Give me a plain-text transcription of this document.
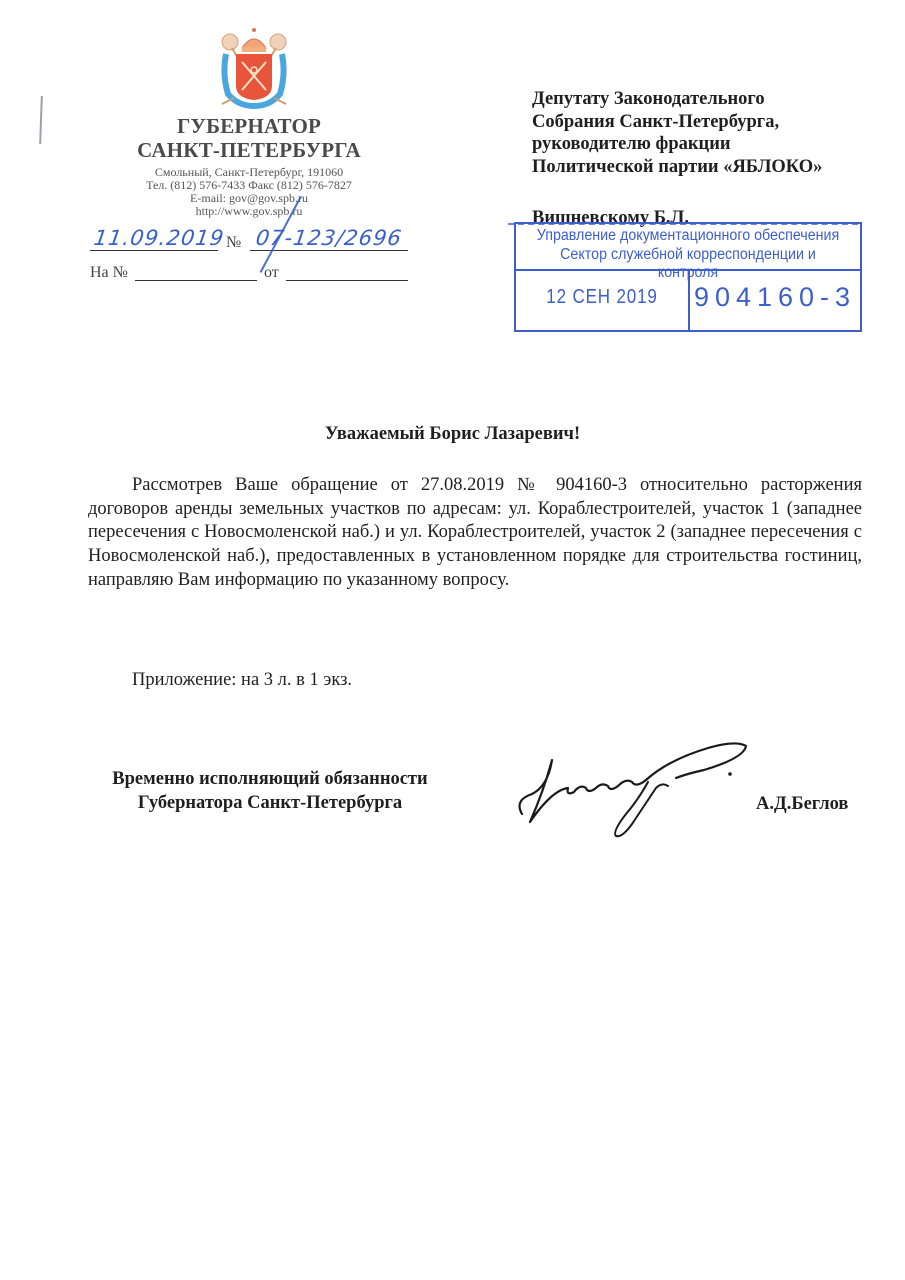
ГУБЕРНАТОР
САНКТ-ПЕТЕРБУРГА
Смольный, Санкт-Петербург, 191060
Тел. (812) 576-7433 Факс (812) 576-7827
E-mail: gov@gov.spb.ru
http://www.gov.spb.ru
11.09.2019 № 07-123/2696
На №	от
Депутату Законодательного
Собрания Санкт-Петербурга,
руководителю фракции
Политической партии «ЯБЛОКО»
Вишневскому Б.Л.
Управление документационного обеспечения
Сектор служебной корреспонденции и контроля
12 СЕН 2019	904160-3
Уважаемый Борис Лазаревич!
Рассмотрев Ваше обращение от 27.08.2019 № 904160-3 относительно расторжения договоров аренды земельных участков по адресам: ул. Кораблестроителей, участок 1 (западнее пересечения с Новосмоленской наб.) и ул. Кораблестроителей, участок 2 (западнее пересечения с Новосмоленской наб.), предоставленных в установленном порядке для строительства гостиниц, направляю Вам информацию по указанному вопросу.
Приложение: на 3 л. в 1 экз.
Временно исполняющий обязанности
Губернатора Санкт-Петербурга	А.Д.Беглов
